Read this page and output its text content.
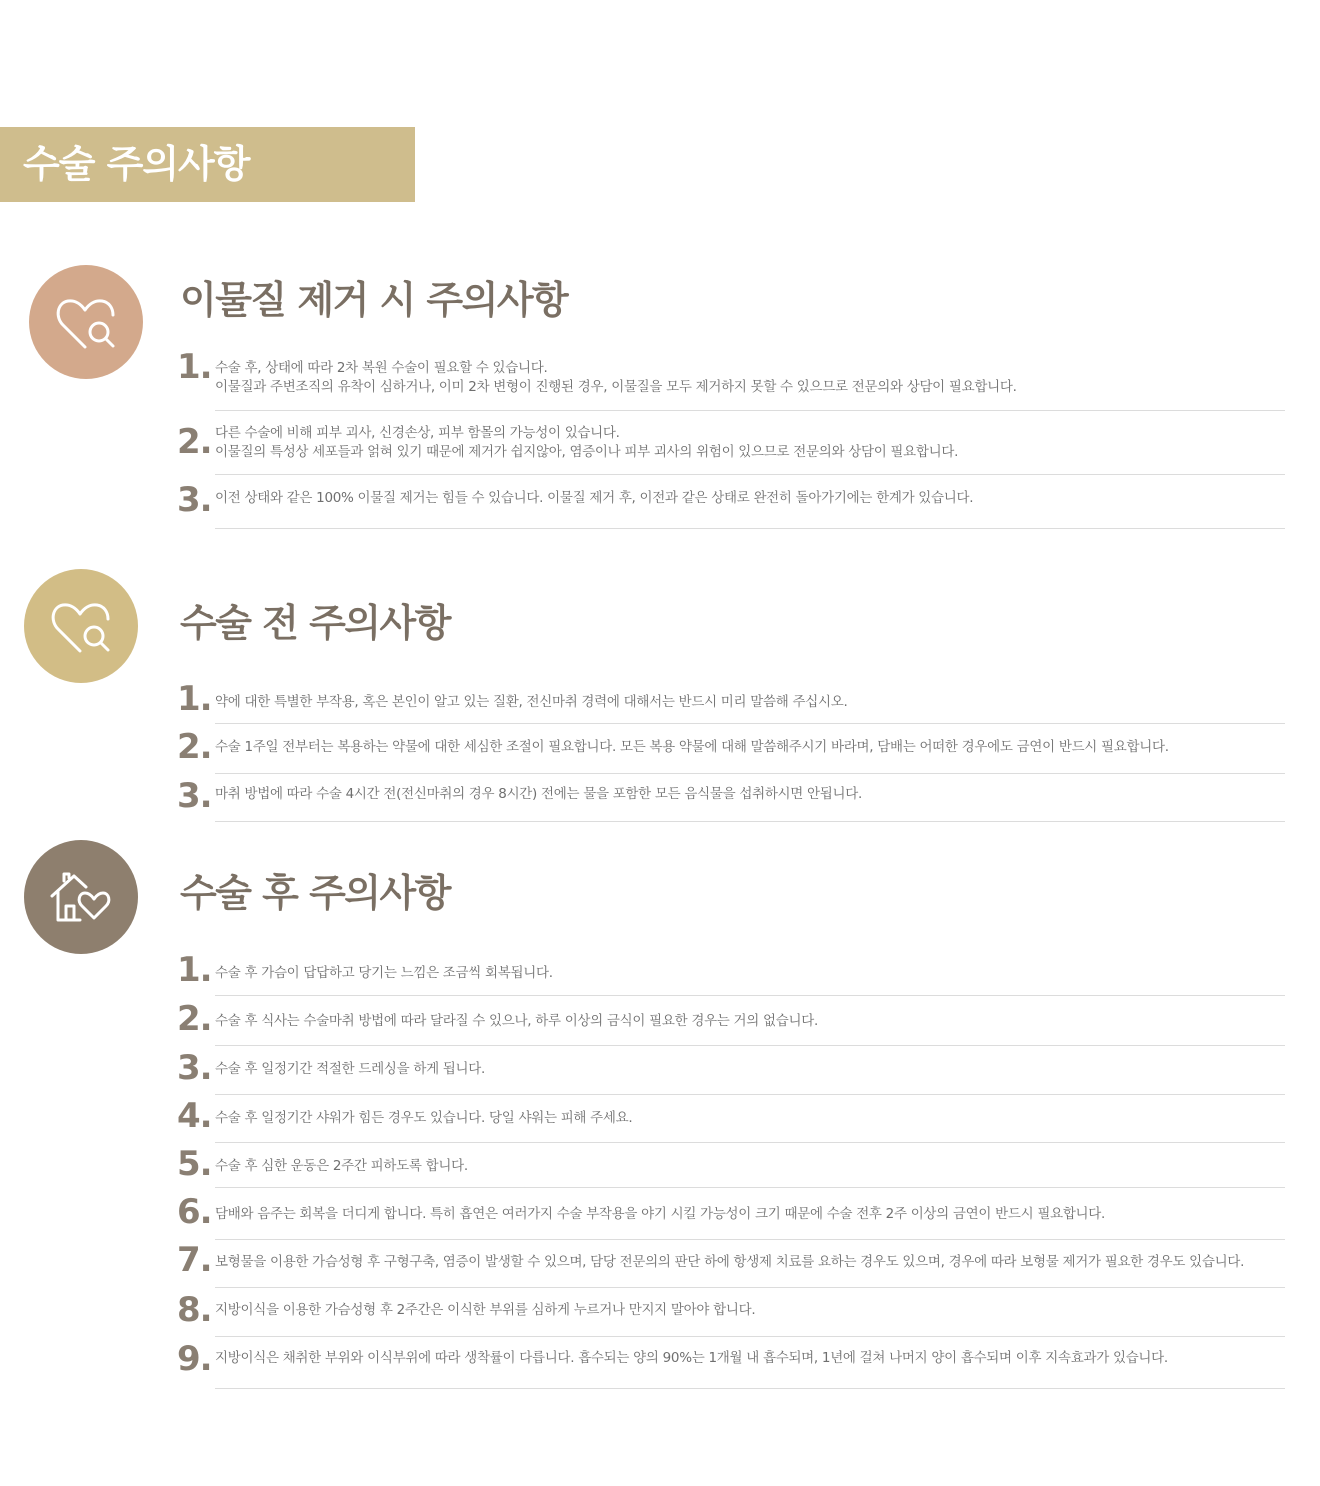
수술 주의사항
이물질 제거 시 주의사항
1. 수술 후, 상태에 따라 2차 복원 수술이 필요할 수 있습니다.
이물질과 주변조직의 유착이 심하거나, 이미 2차 변형이 진행된 경우, 이물질을 모두 제거하지 못할 수 있으므로 전문의와 상담이 필요합니다.
2. 다른 수술에 비해 피부 괴사, 신경손상, 피부 함몰의 가능성이 있습니다.
이물질의 특성상 세포들과 얽혀 있기 때문에 제거가 쉽지않아, 염증이나 피부 괴사의 위험이 있으므로 전문의와 상담이 필요합니다.
3. 이전 상태와 같은 100% 이물질 제거는 힘들 수 있습니다. 이물질 제거 후, 이전과 같은 상태로 완전히 돌아가기에는 한계가 있습니다.
수술 전 주의사항
1. 약에 대한 특별한 부작용, 혹은 본인이 알고 있는 질환, 전신마취 경력에 대해서는 반드시 미리 말씀해 주십시오.
2. 수술 1주일 전부터는 복용하는 약물에 대한 세심한 조절이 필요합니다. 모든 복용 약물에 대해 말씀해주시기 바라며, 담배는 어떠한 경우에도 금연이 반드시 필요합니다.
3. 마취 방법에 따라 수술 4시간 전(전신마취의 경우 8시간) 전에는 물을 포함한 모든 음식물을 섭취하시면 안됩니다.
수술 후 주의사항
1. 수술 후 가슴이 답답하고 당기는 느낌은 조금씩 회복됩니다.
2. 수술 후 식사는 수술마취 방법에 따라 달라질 수 있으나, 하루 이상의 금식이 필요한 경우는 거의 없습니다.
3. 수술 후 일정기간 적절한 드레싱을 하게 됩니다.
4. 수술 후 일정기간 샤워가 힘든 경우도 있습니다. 당일 샤워는 피해 주세요.
5. 수술 후 심한 운동은 2주간 피하도록 합니다.
6. 담배와 음주는 회복을 더디게 합니다. 특히 흡연은 여러가지 수술 부작용을 야기 시킬 가능성이 크기 때문에 수술 전후 2주 이상의 금연이 반드시 필요합니다.
7. 보형물을 이용한 가슴성형 후 구형구축, 염증이 발생할 수 있으며, 담당 전문의의 판단 하에 항생제 치료를 요하는 경우도 있으며, 경우에 따라 보형물 제거가 필요한 경우도 있습니다.
8. 지방이식을 이용한 가슴성형 후 2주간은 이식한 부위를 심하게 누르거나 만지지 말아야 합니다.
9. 지방이식은 채취한 부위와 이식부위에 따라 생착률이 다릅니다. 흡수되는 양의 90%는 1개월 내 흡수되며, 1년에 걸쳐 나머지 양이 흡수되며 이후 지속효과가 있습니다.
